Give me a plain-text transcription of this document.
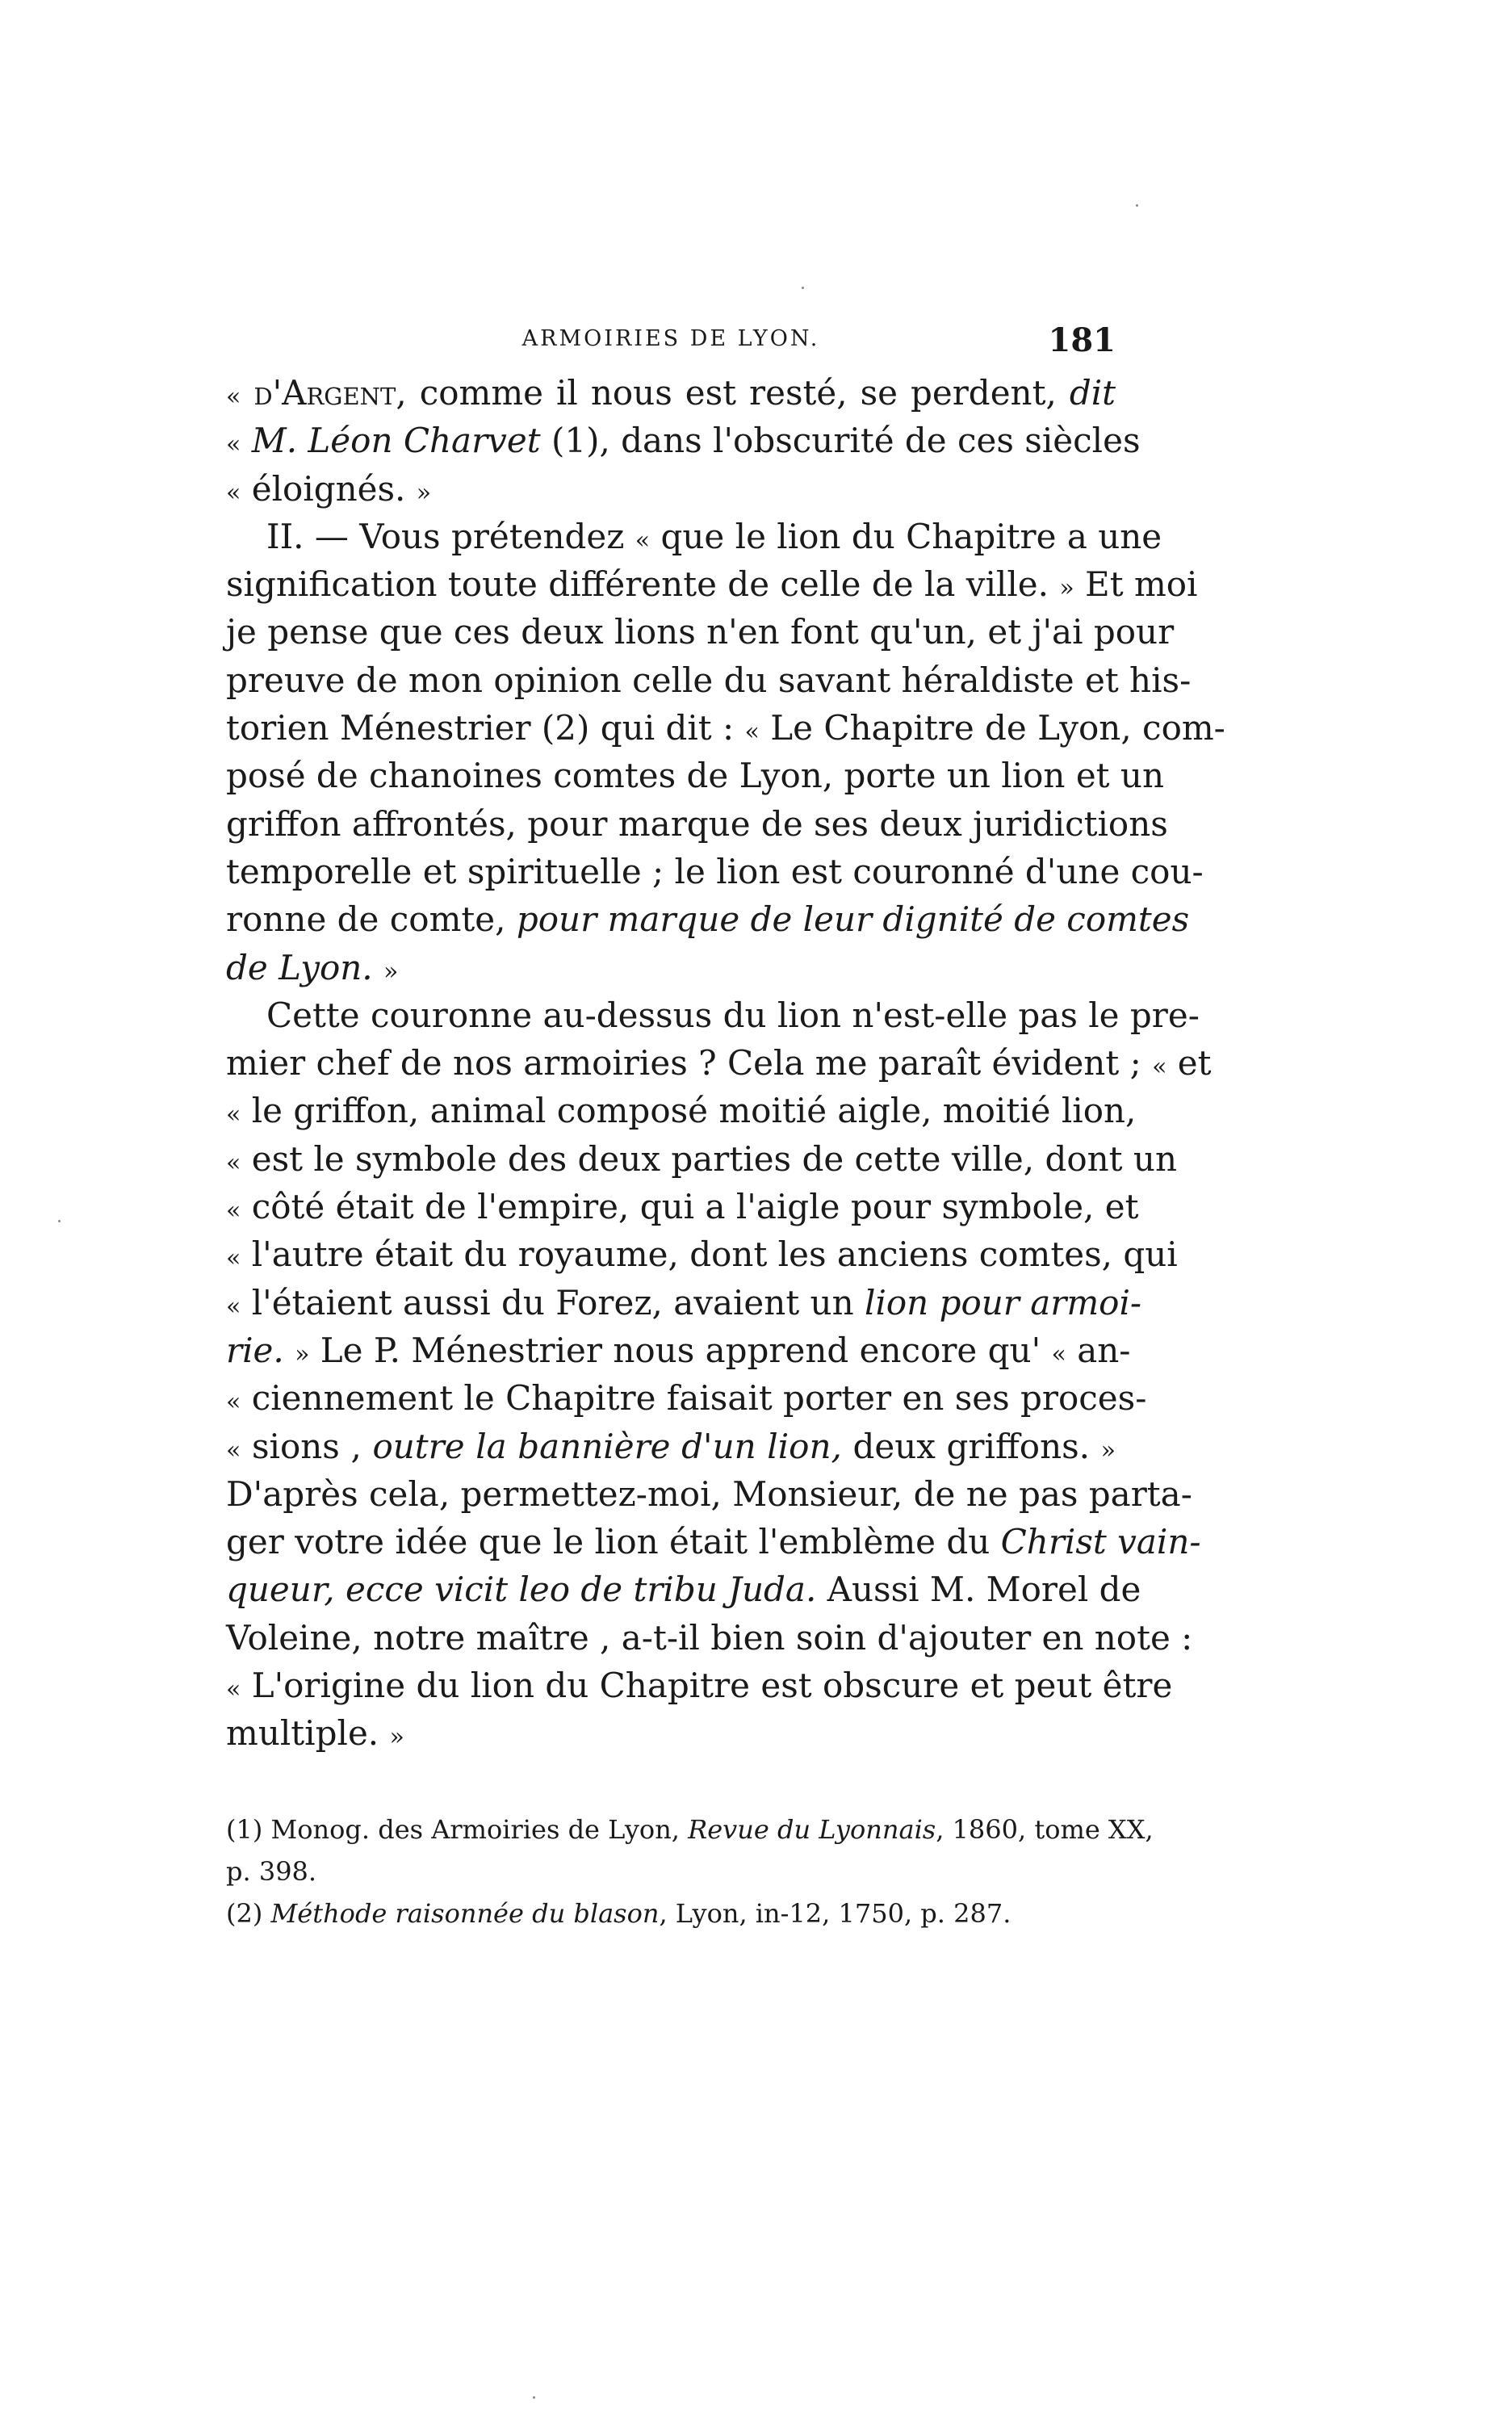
ARMOIRIES DE LYON.	181
« d'Argent, comme il nous est resté, se perdent, dit
« M. Léon Charvet (1), dans l'obscurité de ces siècles
« éloignés. »
II. — Vous prétendez « que le lion du Chapitre a une
signification toute différente de celle de la ville. » Et moi
je pense que ces deux lions n'en font qu'un, et j'ai pour
preuve de mon opinion celle du savant héraldiste et his-
torien Ménestrier (2) qui dit : « Le Chapitre de Lyon, com-
posé de chanoines comtes de Lyon, porte un lion et un
griffon affrontés, pour marque de ses deux juridictions
temporelle et spirituelle ; le lion est couronné d'une cou-
ronne de comte, pour marque de leur dignité de comtes
de Lyon. »
Cette couronne au-dessus du lion n'est-elle pas le pre-
mier chef de nos armoiries ? Cela me paraît évident ; « et
« le griffon, animal composé moitié aigle, moitié lion,
« est le symbole des deux parties de cette ville, dont un
« côté était de l'empire, qui a l'aigle pour symbole, et
« l'autre était du royaume, dont les anciens comtes, qui
« l'étaient aussi du Forez, avaient un lion pour armoi-
rie. » Le P. Ménestrier nous apprend encore qu' « an-
« ciennement le Chapitre faisait porter en ses proces-
« sions , outre la bannière d'un lion, deux griffons. »
D'après cela, permettez-moi, Monsieur, de ne pas parta-
ger votre idée que le lion était l'emblème du Christ vain-
queur, ecce vicit leo de tribu Juda. Aussi M. Morel de
Voleine, notre maître , a-t-il bien soin d'ajouter en note :
« L'origine du lion du Chapitre est obscure et peut être
multiple. »
(1) Monog. des Armoiries de Lyon, Revue du Lyonnais, 1860, tome XX,
p. 398.
(2) Méthode raisonnée du blason, Lyon, in-12, 1750, p. 287.
